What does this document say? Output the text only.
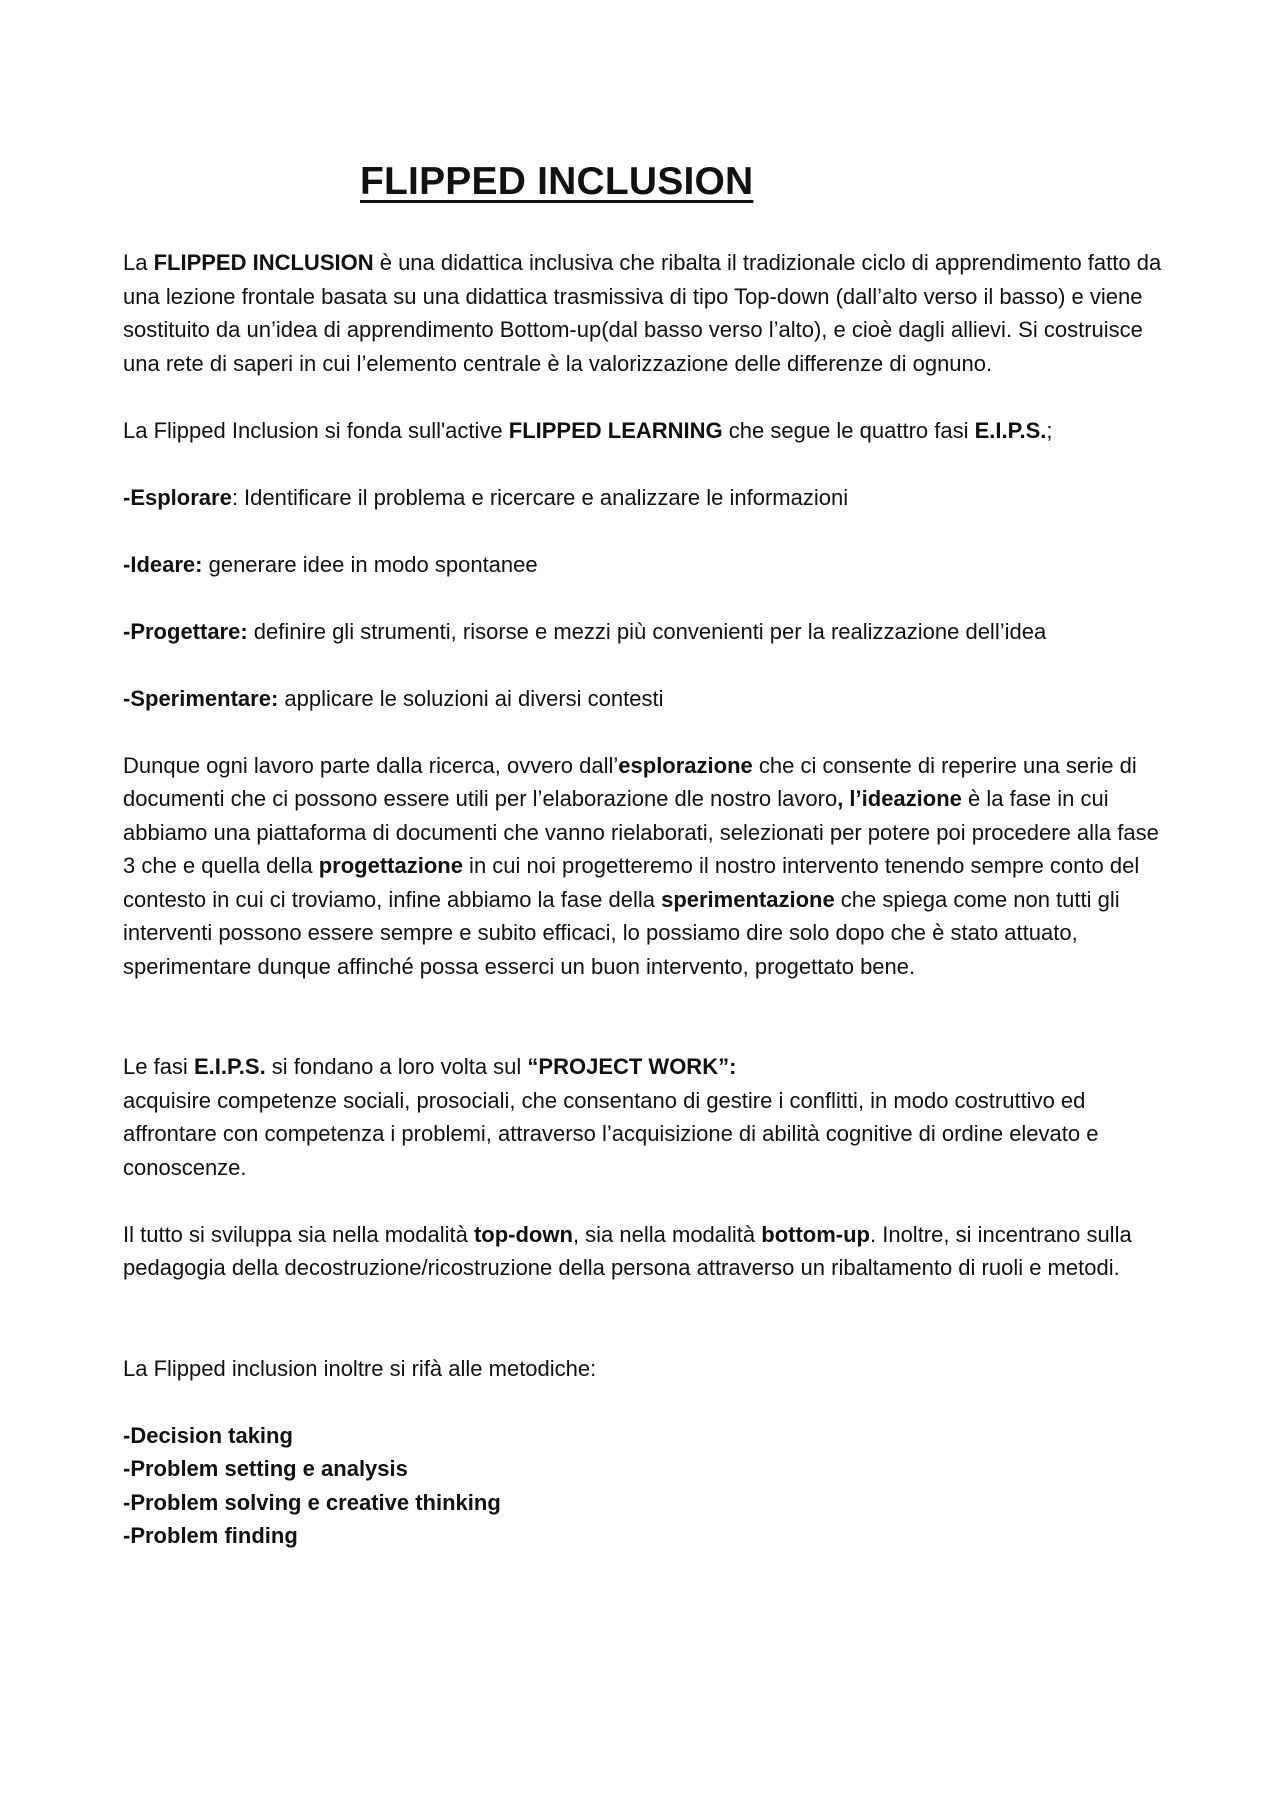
FLIPPED INCLUSION

La FLIPPED INCLUSION è una didattica inclusiva che ribalta il tradizionale ciclo di apprendimento fatto da una lezione frontale basata su una didattica trasmissiva di tipo Top-down (dall’alto verso il basso) e viene sostituito da un’idea di apprendimento Bottom-up(dal basso verso l’alto), e cioè dagli allievi. Si costruisce una rete di saperi in cui l’elemento centrale è la valorizzazione delle differenze di ognuno.

La Flipped Inclusion si fonda sull'active FLIPPED LEARNING che segue le quattro fasi E.I.P.S.;

-Esplorare: Identificare il problema e ricercare e analizzare le informazioni

-Ideare: generare idee in modo spontanee

-Progettare: definire gli strumenti, risorse e mezzi più convenienti per la realizzazione dell’idea

-Sperimentare: applicare le soluzioni ai diversi contesti

Dunque ogni lavoro parte dalla ricerca, ovvero dall’esplorazione che ci consente di reperire una serie di documenti che ci possono essere utili per l’elaborazione dle nostro lavoro, l’ideazione è la fase in cui abbiamo una piattaforma di documenti che vanno rielaborati, selezionati per potere poi procedere alla fase 3 che e quella della progettazione in cui noi progetteremo il nostro intervento tenendo sempre conto del contesto in cui ci troviamo, infine abbiamo la fase della sperimentazione che spiega come non tutti gli interventi possono essere sempre e subito efficaci, lo possiamo dire solo dopo che è stato attuato, sperimentare dunque affinché possa esserci un buon intervento, progettato bene.

Le fasi E.I.P.S. si fondano a loro volta sul “PROJECT WORK”:

acquisire competenze sociali, prosociali, che consentano di gestire i conflitti, in modo costruttivo ed affrontare con competenza i problemi, attraverso l’acquisizione di abilità cognitive di ordine elevato e conoscenze.

Il tutto si sviluppa sia nella modalità top-down, sia nella modalità bottom-up. Inoltre, si incentrano sulla pedagogia della decostruzione/ricostruzione della persona attraverso un ribaltamento di ruoli e metodi.

La Flipped inclusion inoltre si rifà alle metodiche:

-Decision taking

-Problem setting e analysis

-Problem solving e creative thinking

-Problem finding
